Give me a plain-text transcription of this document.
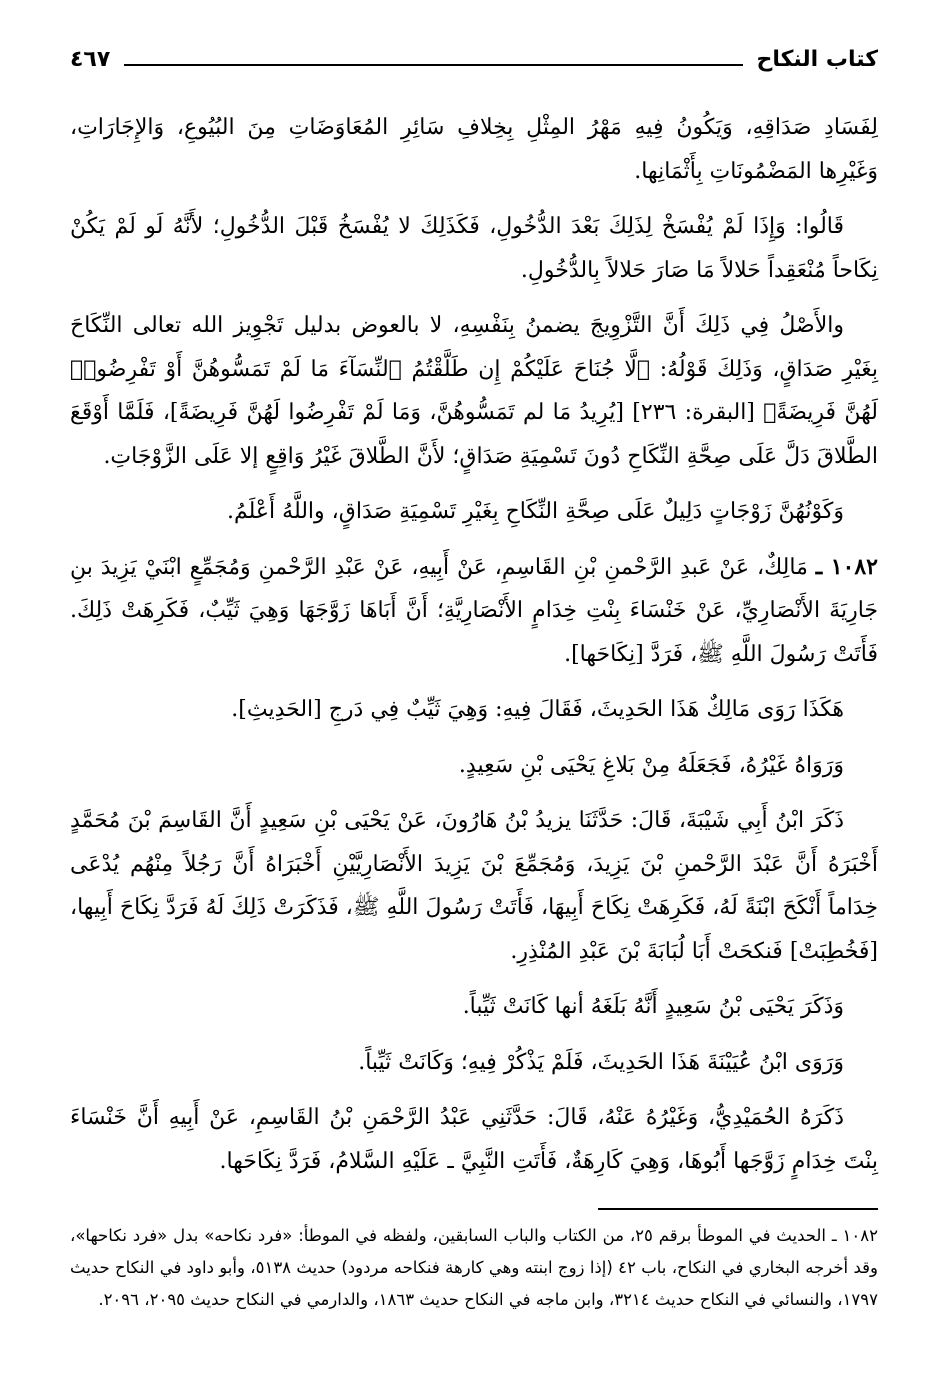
كتاب النكاح
٤٦٧

لِفَسَادِ صَدَاقِهِ، وَيَكُونُ فِيهِ مَهْرُ المِثْلِ بِخِلافِ سَائِرِ المُعَاوَضَاتِ مِنَ البُيُوعِ، وَالإِجَارَاتِ، وَغَيْرِها المَضْمُونَاتِ بِأَثْمَانِها.

قَالُوا: وَإِذَا لَمْ يُفْسَخْ لِذَلِكَ بَعْدَ الدُّخُولِ، فَكَذَلِكَ لا يُفْسَخُ قَبْلَ الدُّخُولِ؛ لأَنَّهُ لَو لَمْ يَكُنْ نِكَاحاً مُنْعَقِداً حَلالاً مَا صَارَ حَلالاً بِالدُّخُولِ.

والأَصْلُ فِي ذَلِكَ أَنَّ التَّزْوِيجَ يضمنُ بِنَفْسِهِ، لا بالعوض بدليل تَجْوِيز الله تعالى النِّكَاحَ بِغَيْرِ صَدَاقٍ، وَذَلِكَ قَوْلُهُ: ﴿لَّا جُنَاحَ عَلَيْكُمْ إِن طَلَّقْتُمُ ٱلنِّسَآءَ مَا لَمْ تَمَسُّوهُنَّ أَوْ تَفْرِضُوا۟ لَهُنَّ فَرِيضَةً﴾ [البقرة: ٢٣٦] [يُرِيدُ مَا لم تَمَسُّوهُنَّ، وَمَا لَمْ تَفْرِضُوا لَهُنَّ فَرِيضَةً]، فَلَمَّا أَوْقَعَ الطَّلاقَ دَلَّ عَلَى صِحَّةِ النِّكَاحِ دُونَ تَسْمِيَةِ صَدَاقٍ؛ لأَنَّ الطَّلاقَ غَيْرُ وَاقِعٍ إلا عَلَى الزَّوْجَاتِ.

وَكَوْنُهُنَّ زَوْجَاتٍ دَلِيلٌ عَلَى صِحَّةِ النِّكَاحِ بِغَيْرِ تَسْمِيَةِ صَدَاقٍ، واللَّهُ أَعْلَمُ.

١٠٨٢ ـ مَالِكٌ، عَنْ عَبدِ الرَّحْمنِ بْنِ القَاسِمِ، عَنْ أَبِيهِ، عَنْ عَبْدِ الرَّحْمنِ وَمُجَمِّعٍ ابْنَيْ يَزِيدَ بنِ جَارِيَةَ الأَنْصَارِيِّ، عَنْ خَنْسَاءَ بِنْتِ خِدَامٍ الأَنْصَارِيَّةِ؛ أَنَّ أَبَاهَا زَوَّجَهَا وَهِيَ ثَيِّبٌ، فَكَرِهَتْ ذَلِكَ. فَأَتَتْ رَسُولَ اللَّهِ ﷺ، فَرَدَّ [نِكَاحَها].

هَكَذَا رَوَى مَالِكٌ هَذَا الحَدِيثَ، فَقَالَ فِيهِ: وَهِيَ ثَيِّبٌ فِي دَرجِ [الحَدِيثِ].

وَرَوَاهُ غَيْرُهُ، فَجَعَلَهُ مِنْ بَلاغِ يَحْيَى بْنِ سَعِيدٍ.

ذَكَرَ ابْنُ أَبِي شَيْبَةَ، قَالَ: حَدَّثَنَا يزيدُ بْنُ هَارُونَ، عَنْ يَحْيَى بْنِ سَعِيدٍ أَنَّ القَاسِمَ بْنَ مُحَمَّدٍ أَخْبَرَهُ أَنَّ عَبْدَ الرَّحْمنِ بْنَ يَزِيدَ، وَمُجَمِّعَ بْنَ يَزِيدَ الأَنْصَارِيَّيْنِ أَخْبَرَاهُ أَنَّ رَجُلاً مِنْهُم يُدْعَى خِدَاماً أَنْكَحَ ابْنَةً لَهُ، فَكَرِهَتْ نِكَاحَ أَبِيهَا، فَأَتَتْ رَسُولَ اللَّهِ ﷺ، فَذَكَرَتْ ذَلِكَ لَهُ فَرَدَّ نِكَاحَ أَبِيها، [فَخُطِبَتْ] فَنكحَتْ أَبَا لُبَابَةَ بْنَ عَبْدِ المُنْذِرِ.

وَذَكَرَ يَحْيَى بْنُ سَعِيدٍ أَنَّهُ بَلَغَهُ أنها كَانَتْ ثَيِّباً.

وَرَوَى ابْنُ عُيَيْنَةَ هَذَا الحَدِيثَ، فَلَمْ يَذْكُرْ فِيهِ؛ وَكَانَتْ ثَيِّباً.

ذَكَرَهُ الحُمَيْدِيُّ، وَغَيْرُهُ عَنْهُ، قَالَ: حَدَّثَنِي عَبْدُ الرَّحْمَنِ بْنُ القَاسِمِ، عَنْ أَبِيهِ أَنَّ خَنْسَاءَ بِنْتَ خِدَامٍ زَوَّجَها أَبُوهَا، وَهِيَ كَارِهَةٌ، فَأَتَتِ النَّبِيَّ ـ عَلَيْهِ السَّلامُ، فَرَدَّ نِكَاحَها.

١٠٨٢ ـ الحديث في الموطأ برقم ٢٥، من الكتاب والباب السابقين، ولفظه في الموطأ: «فرد نكاحه» بدل «فرد نكاحها»، وقد أخرجه البخاري في النكاح، باب ٤٢ (إذا زوج ابنته وهي كارهة فنكاحه مردود) حديث ٥١٣٨، وأبو داود في النكاح حديث ١٧٩٧، والنسائي في النكاح حديث ٣٢١٤، وابن ماجه في النكاح حديث ١٨٦٣، والدارمي في النكاح حديث ٢٠٩٥، ٢٠٩٦.
